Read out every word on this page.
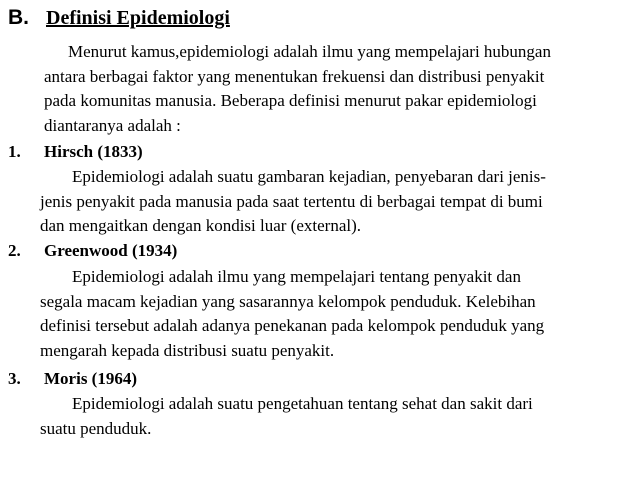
B. Definisi Epidemiologi
Menurut kamus,epidemiologi adalah ilmu yang mempelajari hubungan
antara berbagai faktor yang menentukan frekuensi dan distribusi penyakit
pada komunitas manusia. Beberapa definisi menurut pakar epidemiologi
diantaranya adalah :
1. Hirsch (1833)
Epidemiologi adalah suatu gambaran kejadian, penyebaran dari jenis-
jenis penyakit pada manusia pada saat tertentu di berbagai tempat di bumi
dan mengaitkan dengan kondisi luar (external).
2. Greenwood (1934)
Epidemiologi adalah ilmu yang mempelajari tentang penyakit dan
segala macam kejadian yang sasarannya kelompok penduduk. Kelebihan
definisi tersebut adalah adanya penekanan pada kelompok penduduk yang
mengarah kepada distribusi suatu penyakit.
3. Moris (1964)
Epidemiologi adalah suatu pengetahuan tentang sehat dan sakit dari
suatu penduduk.
